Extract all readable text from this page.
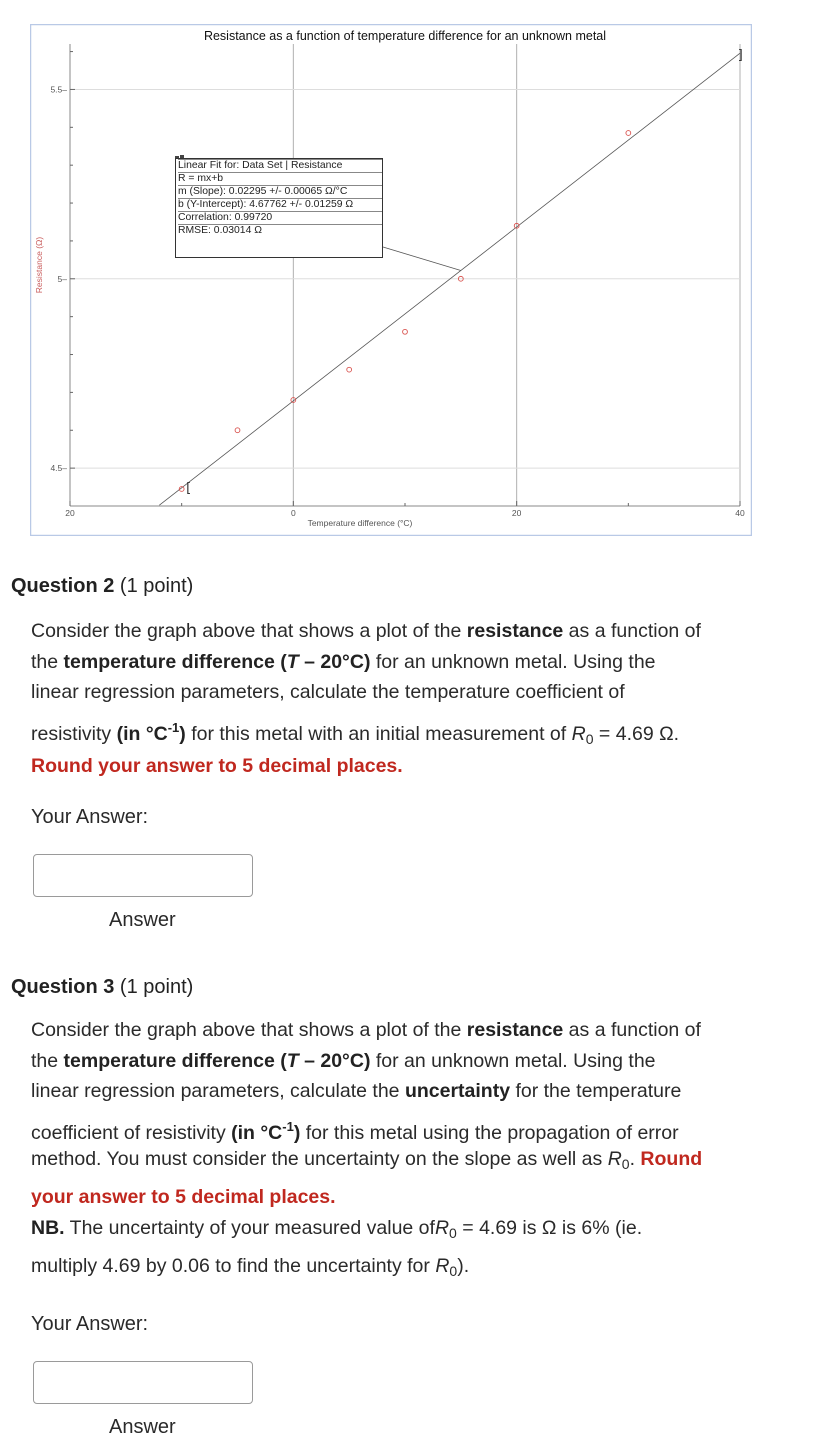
[
]
4.5–
5–
5.5–
20	0	20	40
Resistance as a function of temperature difference for an unknown metal
Temperature difference (°C)
Resistance (Ω)
Linear Fit for: Data Set | Resistance
R = mx+b
m (Slope): 0.02295 +/- 0.00065 Ω/°C
b (Y-Intercept): 4.67762 +/- 0.01259 Ω
Correlation: 0.99720
RMSE: 0.03014 Ω
Question 2 (1 point)
Consider the graph above that shows a plot of the resistance as a function of
the temperature difference (T – 20°C) for an unknown metal. Using the
linear regression parameters, calculate the temperature coefficient of
resistivity (in $^\circ C^{-1}$) for this metal with an initial measurement of $R_0 = 4.69$ Ω.
Round your answer to 5 decimal places.
Your Answer:
Answer
Question 3 (1 point)
Consider the graph above that shows a plot of the resistance as a function of
the temperature difference (T – 20°C) for an unknown metal. Using the
linear regression parameters, calculate the uncertainty for the temperature
coefficient of resistivity (in $^\circ C^{-1}$) for this metal using the propagation of error
method. You must consider the uncertainty on the slope as well as $R_0$. Round
your answer to 5 decimal places.
NB. The uncertainty of your measured value ofR$_0$ = 4.69 is Ω is 6% (ie.
multiply 4.69 by 0.06 to find the uncertainty for $R_0$).
Your Answer:
Answer
